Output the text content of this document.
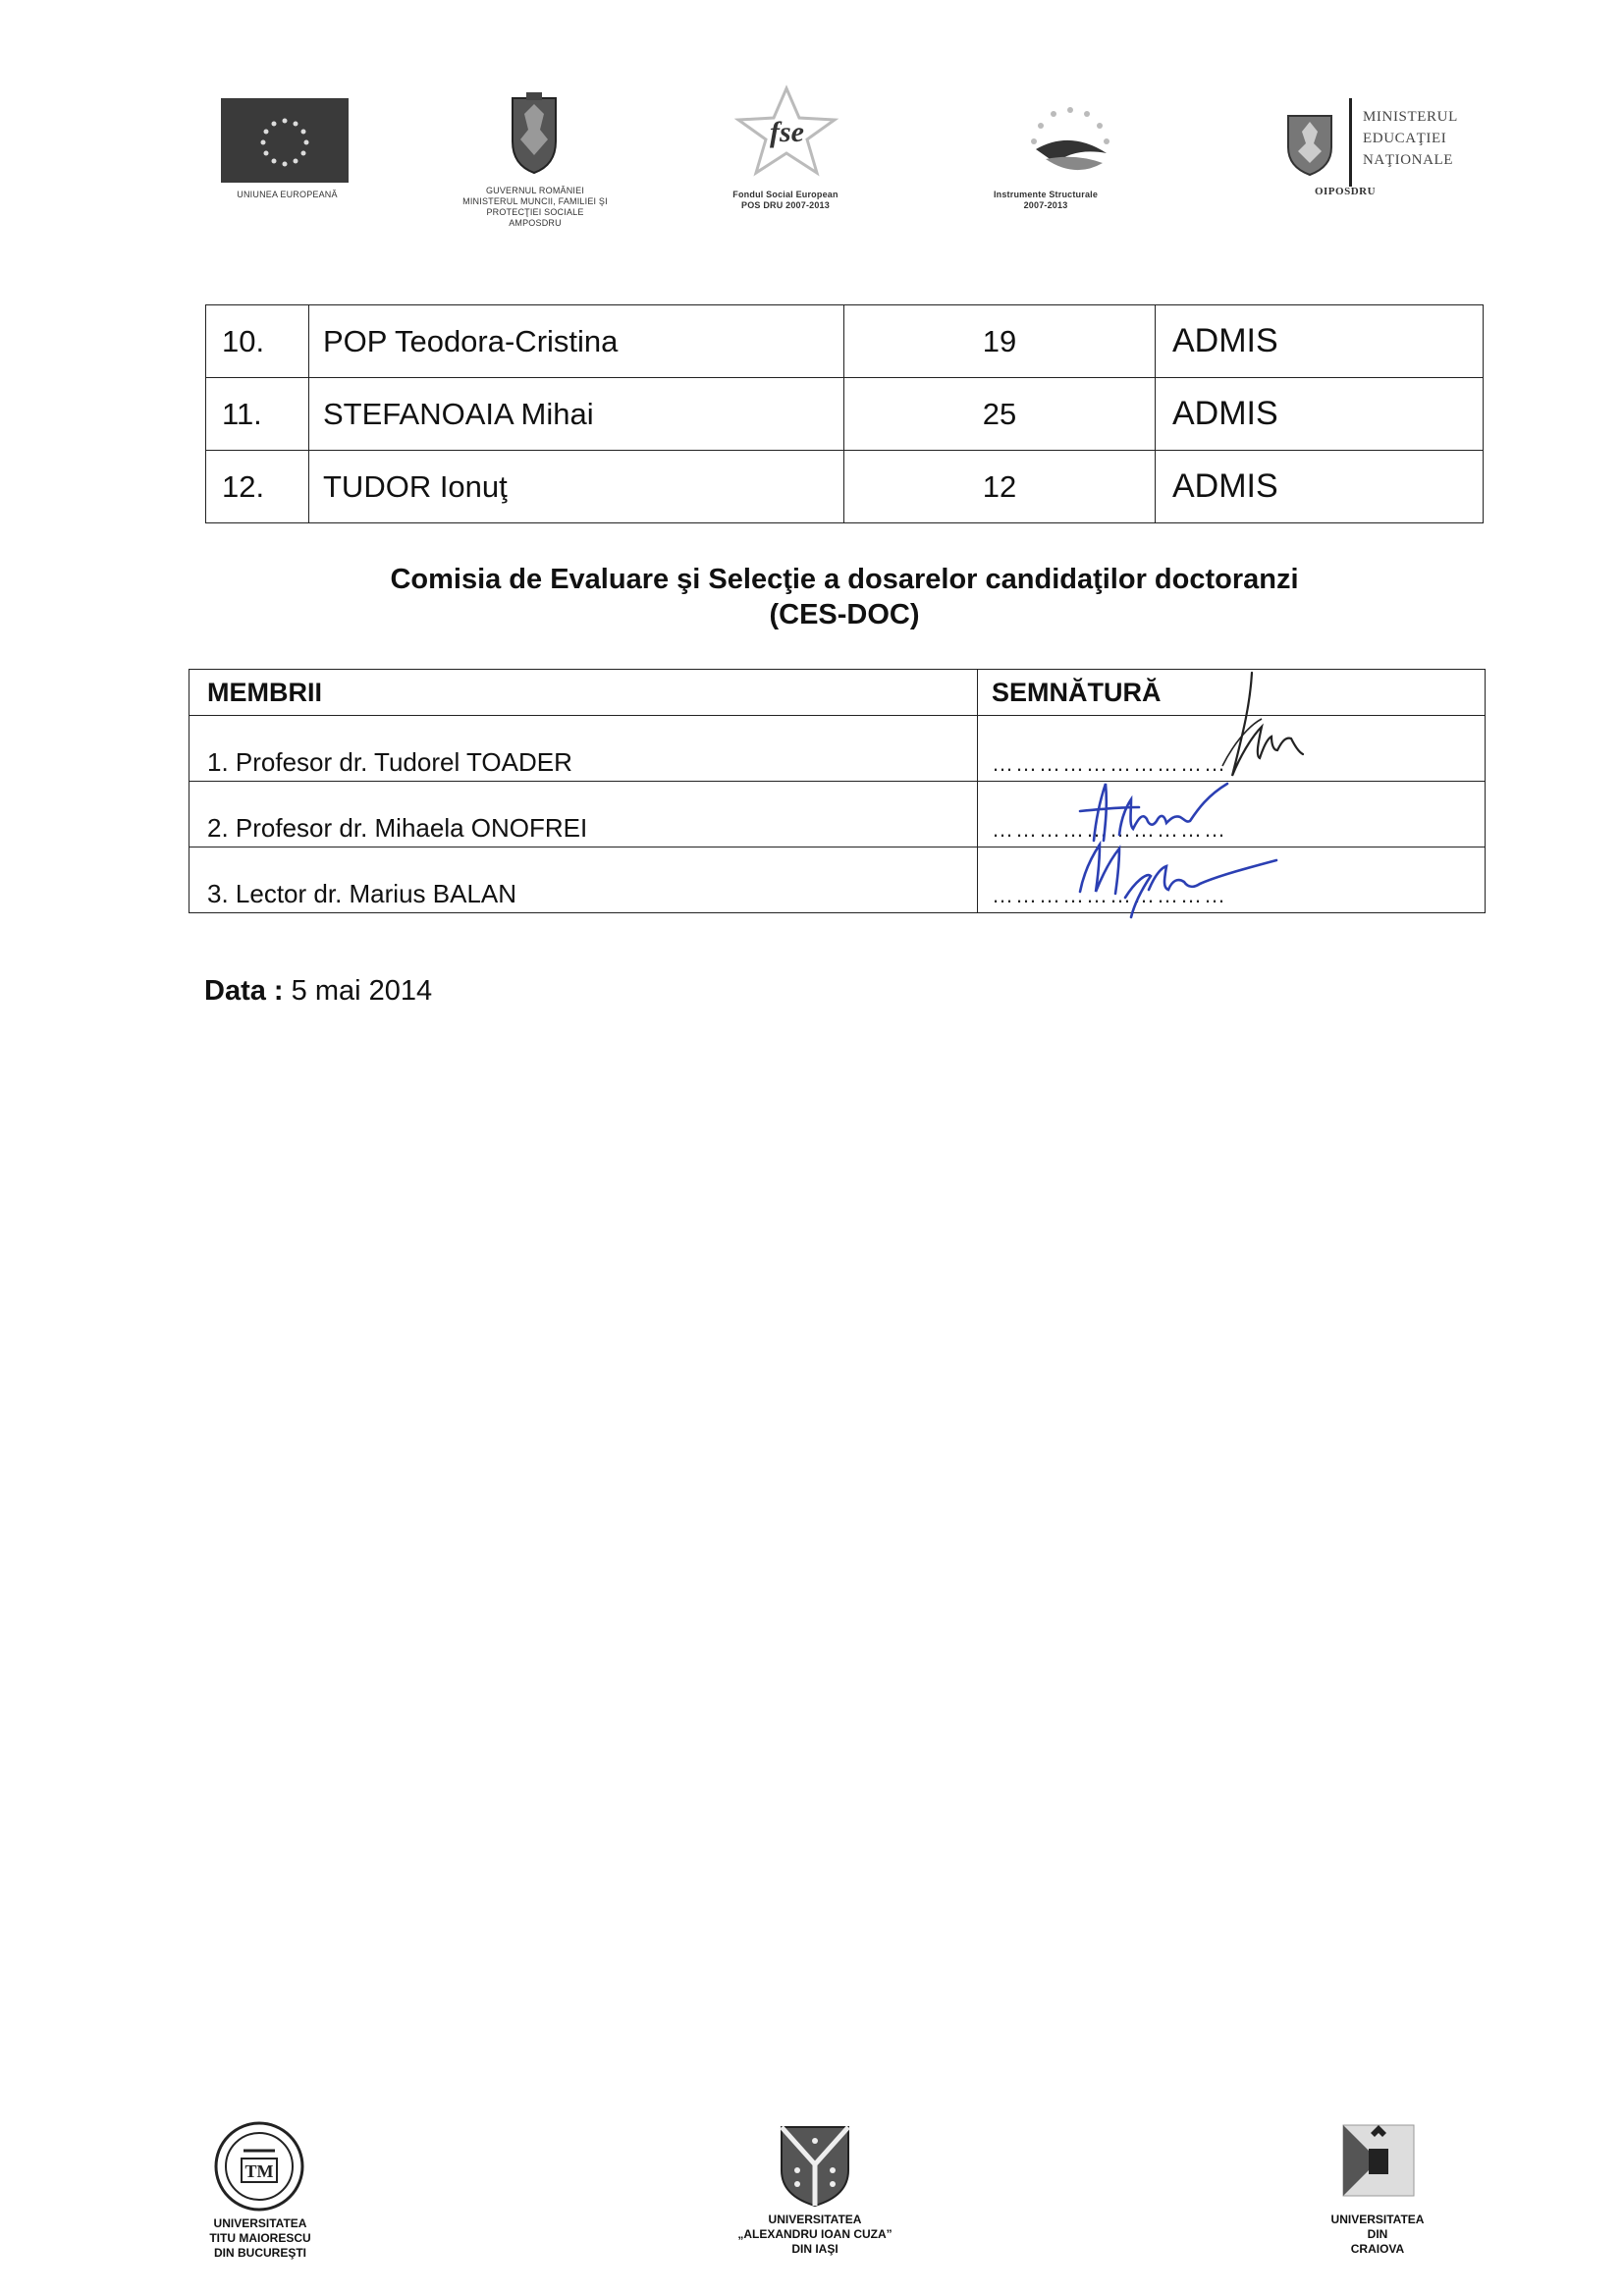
UNIUNEA EUROPEANĂ	GUVERNUL ROMÂNIEI
MINISTERUL MUNCII, FAMILIEI ŞI
PROTECŢIEI SOCIALE
AMPOSDRU
fse
Fondul Social European
POS DRU 2007-2013
Instrumente Structurale
2007-2013
MINISTERUL
EDUCAŢIEI
NAŢIONALE
OIPOSDRU
10.	POP Teodora-Cristina	19	ADMIS
11.	STEFANOAIA Mihai	25	ADMIS
12.	TUDOR Ionuţ	12	ADMIS
Comisia de Evaluare şi Selecţie a dosarelor candidaţilor doctoranzi
(CES-DOC)
MEMBRII	SEMNĂTURĂ
1. Profesor dr. Tudorel TOADER	…………………………
2. Profesor dr. Mihaela ONOFREI	…………………………
3. Lector dr. Marius BALAN	…………………………
Data : 5 mai 2014
TM
UNIVERSITATEA
TITU MAIORESCU
DIN BUCUREŞTI
UNIVERSITATEA
„ALEXANDRU IOAN CUZA”
DIN IAŞI
UNIVERSITATEA
DIN
CRAIOVA
